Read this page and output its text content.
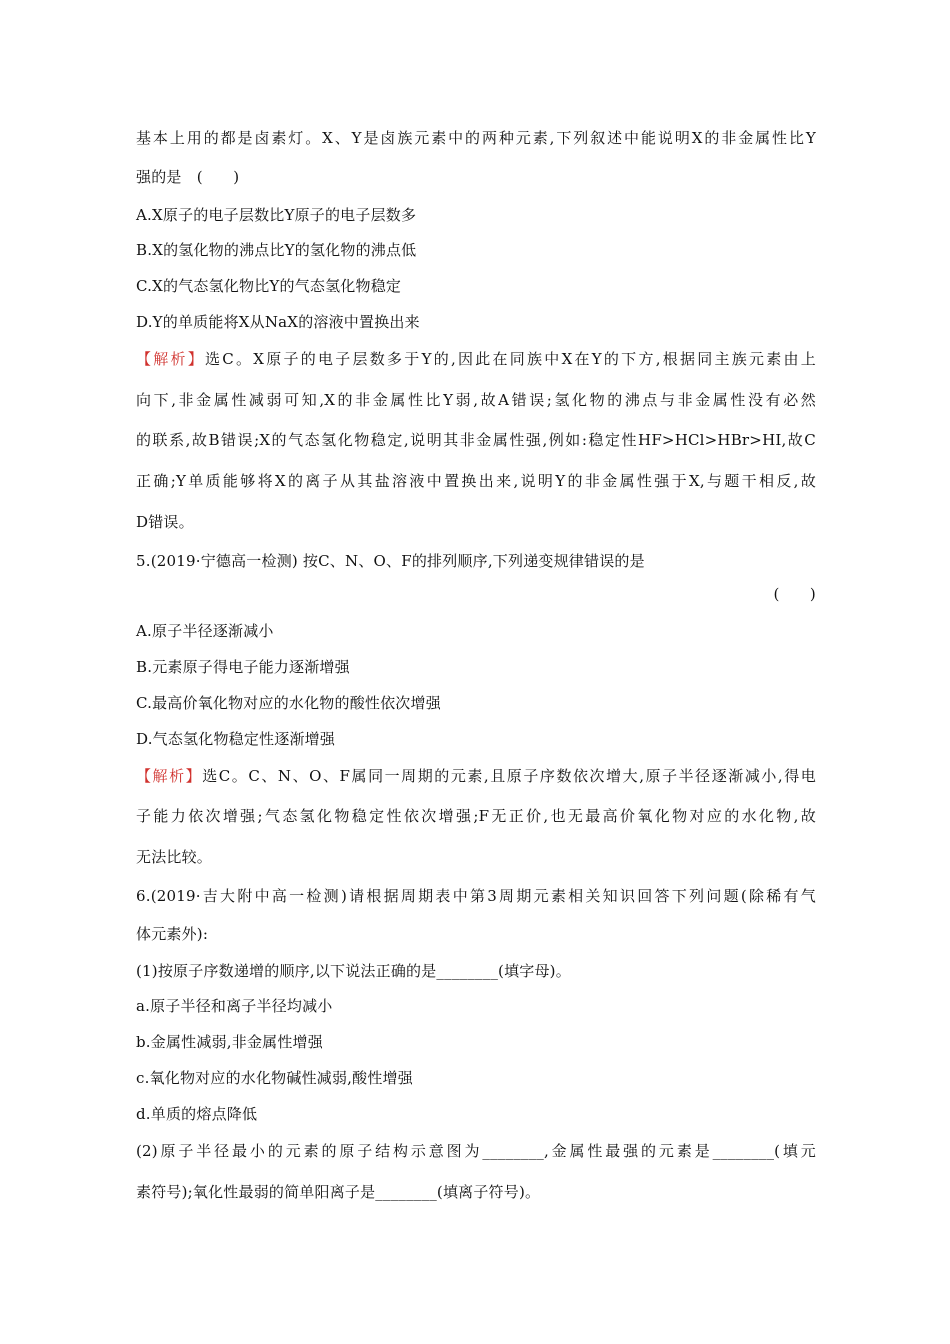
基本上用的都是卤素灯。X、Y是卤族元素中的两种元素,下列叙述中能说明X的非金属性比Y
强的是　(　　)
A.X原子的电子层数比Y原子的电子层数多
B.X的氢化物的沸点比Y的氢化物的沸点低
C.X的气态氢化物比Y的气态氢化物稳定
D.Y的单质能将X从NaX的溶液中置换出来
【解析】选C。X原子的电子层数多于Y的,因此在同族中X在Y的下方,根据同主族元素由上
向下,非金属性减弱可知,X的非金属性比Y弱,故A错误;氢化物的沸点与非金属性没有必然
的联系,故B错误;X的气态氢化物稳定,说明其非金属性强,例如:稳定性HF>HCl>HBr>HI,故C
正确;Y单质能够将X的离子从其盐溶液中置换出来,说明Y的非金属性强于X,与题干相反,故
D错误。
5.(2019·宁德高一检测) 按C、N、O、F的排列顺序,下列递变规律错误的是
(　　)
A.原子半径逐渐减小
B.元素原子得电子能力逐渐增强
C.最高价氧化物对应的水化物的酸性依次增强
D.气态氢化物稳定性逐渐增强
【解析】选C。C、N、O、F属同一周期的元素,且原子序数依次增大,原子半径逐渐减小,得电
子能力依次增强;气态氢化物稳定性依次增强;F无正价,也无最高价氧化物对应的水化物,故
无法比较。
6.(2019·吉大附中高一检测)请根据周期表中第3周期元素相关知识回答下列问题(除稀有气
体元素外):
(1)按原子序数递增的顺序,以下说法正确的是________(填字母)。
a.原子半径和离子半径均减小
b.金属性减弱,非金属性增强
c.氧化物对应的水化物碱性减弱,酸性增强
d.单质的熔点降低
(2)原子半径最小的元素的原子结构示意图为________,金属性最强的元素是________(填元
素符号);氧化性最弱的简单阳离子是________(填离子符号)。
